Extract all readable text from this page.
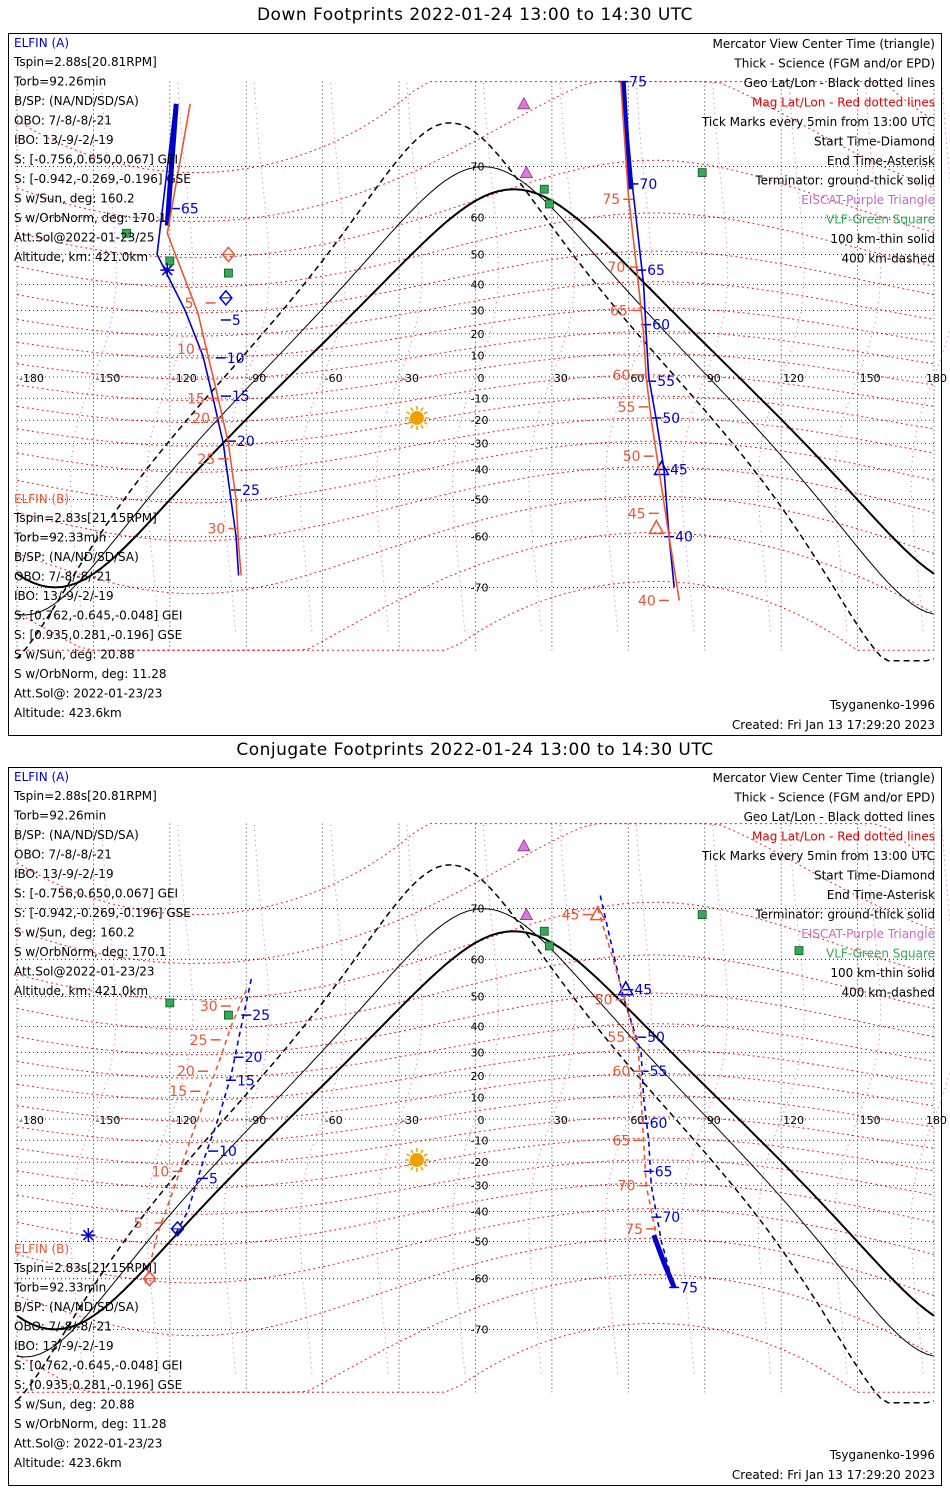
Down Footprints 2022-01-24 13:00 to 14:30 UTC
-180	-150	-120	-90	-60	-30	0	30	60	90	120	150	180
70
60
50
40
30
20
10
-10
-20
-30
-40
-50
-60
-70
65
5
10
15
20
25
5
10
15
20
25
30
75
70
65
60
55
50
45
40
75
70
65
60
55
50
45
40
Mercator View Center Time (triangle)
Thick - Science (FGM and/or EPD)
Geo Lat/Lon - Black dotted lines
Mag Lat/Lon - Red dotted lines
Tick Marks every 5min from 13:00 UTC
Start Time-Diamond
End Time-Asterisk
Terminator: ground-thick solid
EISCAT-Purple Triangle
VLF-Green Square
100 km-thin solid
400 km-dashed
ELFIN (A)
Tspin=2.88s[20.81RPM]
Torb=92.26min
B/SP: (NA/ND/SD/SA)
OBO: 7/-8/-8/-21
IBO: 13/-9/-2/-19
S: [-0.756,0.650,0.067] GEI
S: [-0.942,-0.269,-0.196] GSE
S w/Sun, deg: 160.2
S w/OrbNorm, deg: 170.1
Att.Sol@2022-01-23/25
Altitude, km: 421.0km
ELFIN (B)
Tspin=2.83s[21.15RPM]
Torb=92.33min
B/SP: (NA/ND/SD/SA)
OBO: 7/-8/-8/-21
IBO: 13/-9/-2/-19
S: [0.762,-0.645,-0.048] GEI
S: [0.935,0.281,-0.196] GSE
S w/Sun, deg: 20.88
S w/OrbNorm, deg: 11.28
Att.Sol@: 2022-01-23/23
Altitude: 423.6km
Tsyganenko-1996
Created: Fri Jan 13 17:29:20 2023
Conjugate Footprints 2022-01-24 13:00 to 14:30 UTC
-180	-150	-120	-90	-60	-30	0	30	60	90	120	150	180
70
60
50
40
30
20
10
-10
-20
-30
-40
-50
-60
-70
25
20
15
10
5
30
25
20
15
10
5
45
50
55
60
65
70
75
45
50
55
60
65
70
75
Mercator View Center Time (triangle)
Thick - Science (FGM and/or EPD)
Geo Lat/Lon - Black dotted lines
Mag Lat/Lon - Red dotted lines
Tick Marks every 5min from 13:00 UTC
Start Time-Diamond
End Time-Asterisk
Terminator: ground-thick solid
EISCAT-Purple Triangle
VLF-Green Square
100 km-thin solid
400 km-dashed
ELFIN (A)
Tspin=2.88s[20.81RPM]
Torb=92.26min
B/SP: (NA/ND/SD/SA)
OBO: 7/-8/-8/-21
IBO: 13/-9/-2/-19
S: [-0.756,0.650,0.067] GEI
S: [-0.942,-0.269,-0.196] GSE
S w/Sun, deg: 160.2
S w/OrbNorm, deg: 170.1
Att.Sol@2022-01-23/23
Altitude, km: 421.0km
ELFIN (B)
Tspin=2.83s[21.15RPM]
Torb=92.33min
B/SP: (NA/ND/SD/SA)
OBO: 7/-8/-8/-21
IBO: 13/-9/-2/-19
S: [0.762,-0.645,-0.048] GEI
S: [0.935,0.281,-0.196] GSE
S w/Sun, deg: 20.88
S w/OrbNorm, deg: 11.28
Att.Sol@: 2022-01-23/23
Altitude: 423.6km
Tsyganenko-1996
Created: Fri Jan 13 17:29:20 2023
